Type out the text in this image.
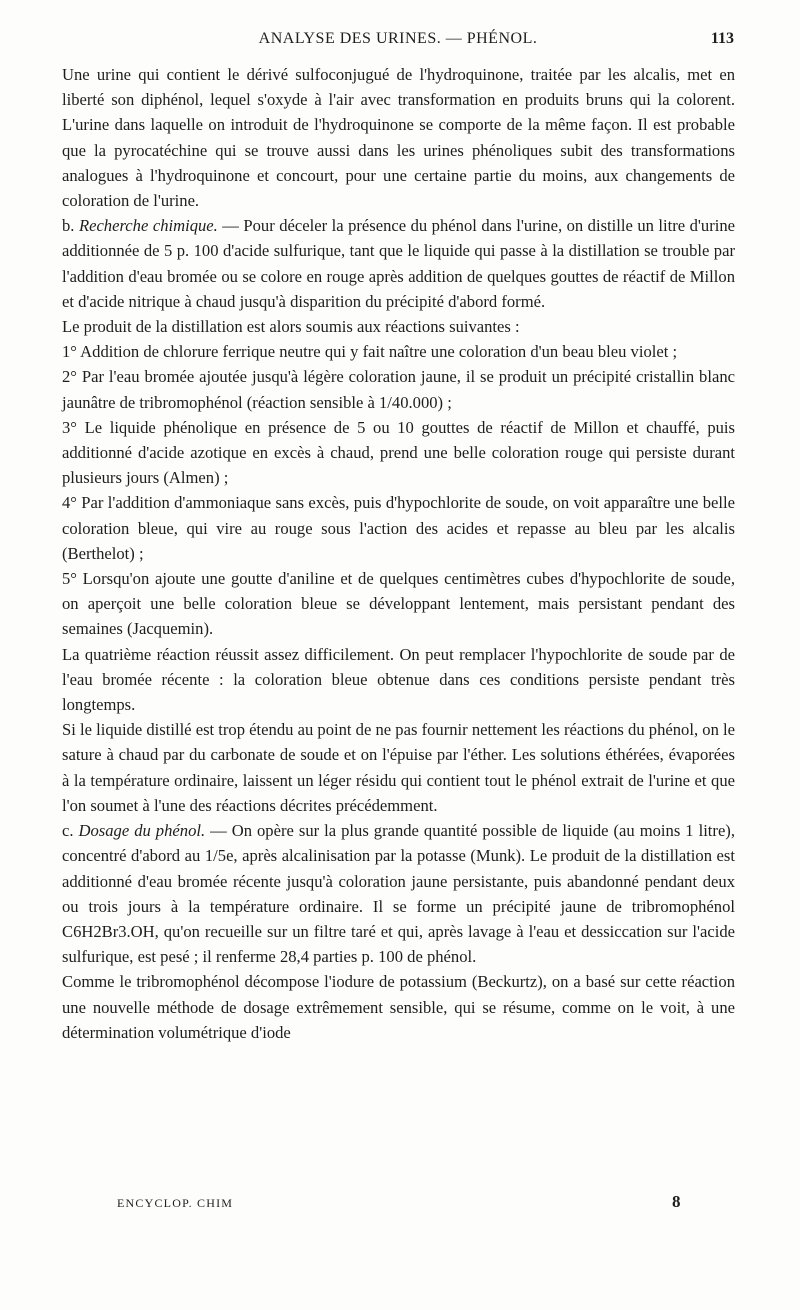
ANALYSE DES URINES. — PHÉNOL.	113

Une urine qui contient le dérivé sulfoconjugué de l'hydroquinone, traitée par les alcalis, met en liberté son diphénol, lequel s'oxyde à l'air avec transformation en produits bruns qui la colorent. L'urine dans laquelle on introduit de l'hydroquinone se comporte de la même façon. Il est probable que la pyrocatéchine qui se trouve aussi dans les urines phénoliques subit des transformations analogues à l'hydroquinone et concourt, pour une certaine partie du moins, aux changements de coloration de l'urine.

b. Recherche chimique. — Pour déceler la présence du phénol dans l'urine, on distille un litre d'urine additionnée de 5 p. 100 d'acide sulfurique, tant que le liquide qui passe à la distillation se trouble par l'addition d'eau bromée ou se colore en rouge après addition de quelques gouttes de réactif de Millon et d'acide nitrique à chaud jusqu'à disparition du précipité d'abord formé.

Le produit de la distillation est alors soumis aux réactions suivantes :

1° Addition de chlorure ferrique neutre qui y fait naître une coloration d'un beau bleu violet ;

2° Par l'eau bromée ajoutée jusqu'à légère coloration jaune, il se produit un précipité cristallin blanc jaunâtre de tribromophénol (réaction sensible à 1/40.000) ;

3° Le liquide phénolique en présence de 5 ou 10 gouttes de réactif de Millon et chauffé, puis additionné d'acide azotique en excès à chaud, prend une belle coloration rouge qui persiste durant plusieurs jours (Almen) ;

4° Par l'addition d'ammoniaque sans excès, puis d'hypochlorite de soude, on voit apparaître une belle coloration bleue, qui vire au rouge sous l'action des acides et repasse au bleu par les alcalis (Berthelot) ;

5° Lorsqu'on ajoute une goutte d'aniline et de quelques centimètres cubes d'hypochlorite de soude, on aperçoit une belle coloration bleue se développant lentement, mais persistant pendant des semaines (Jacquemin).

La quatrième réaction réussit assez difficilement. On peut remplacer l'hypochlorite de soude par de l'eau bromée récente : la coloration bleue obtenue dans ces conditions persiste pendant très longtemps.

Si le liquide distillé est trop étendu au point de ne pas fournir nettement les réactions du phénol, on le sature à chaud par du carbonate de soude et on l'épuise par l'éther. Les solutions éthérées, évaporées à la température ordinaire, laissent un léger résidu qui contient tout le phénol extrait de l'urine et que l'on soumet à l'une des réactions décrites précédemment.

c. Dosage du phénol. — On opère sur la plus grande quantité possible de liquide (au moins 1 litre), concentré d'abord au 1/5e, après alcalinisation par la potasse (Munk). Le produit de la distillation est additionné d'eau bromée récente jusqu'à coloration jaune persistante, puis abandonné pendant deux ou trois jours à la température ordinaire. Il se forme un précipité jaune de tribromophénol C6H2Br3.OH, qu'on recueille sur un filtre taré et qui, après lavage à l'eau et dessiccation sur l'acide sulfurique, est pesé ; il renferme 28,4 parties p. 100 de phénol.

Comme le tribromophénol décompose l'iodure de potassium (Beckurtz), on a basé sur cette réaction une nouvelle méthode de dosage extrêmement sensible, qui se résume, comme on le voit, à une détermination volumétrique d'iode

ENCYCLOP. CHIM	8
